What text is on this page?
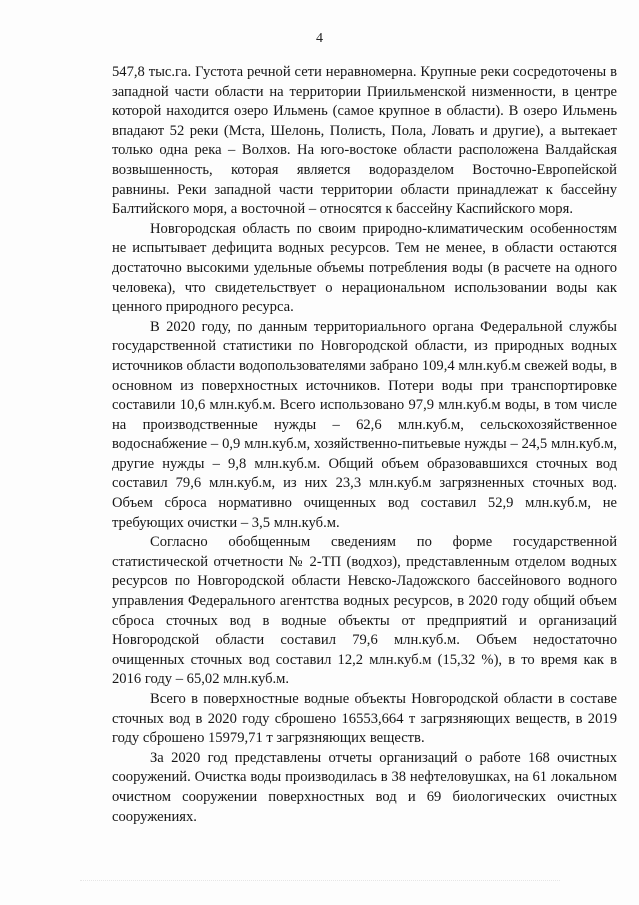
4

547,8 тыс.га. Густота речной сети неравномерна. Крупные реки сосредоточены в западной части области на территории Приильменской низменности, в центре которой находится озеро Ильмень (самое крупное в области). В озеро Ильмень впадают 52 реки (Мста, Шелонь, Полисть, Пола, Ловать и другие), а вытекает только одна река – Волхов. На юго-востоке области расположена Валдайская возвышенность, которая является водоразделом Восточно-Европейской равнины. Реки западной части территории области принадлежат к бассейну Балтийского моря, а восточной – относятся к бассейну Каспийского моря.

Новгородская область по своим природно-климатическим особенностям не испытывает дефицита водных ресурсов. Тем не менее, в области остаются достаточно высокими удельные объемы потребления воды (в расчете на одного человека), что свидетельствует о нерациональном использовании воды как ценного природного ресурса.

В 2020 году, по данным территориального органа Федеральной службы государственной статистики по Новгородской области, из природных водных источников области водопользователями забрано 109,4 млн.куб.м свежей воды, в основном из поверхностных источников. Потери воды при транспортировке составили 10,6 млн.куб.м. Всего использовано 97,9 млн.куб.м воды, в том числе на производственные нужды – 62,6 млн.куб.м, сельскохозяйственное водоснабжение – 0,9 млн.куб.м, хозяйственно-питьевые нужды – 24,5 млн.куб.м, другие нужды – 9,8 млн.куб.м. Общий объем образовавшихся сточных вод составил 79,6 млн.куб.м, из них 23,3 млн.куб.м загрязненных сточных вод. Объем сброса нормативно очищенных вод составил 52,9 млн.куб.м, не требующих очистки – 3,5 млн.куб.м.

Согласно обобщенным сведениям по форме государственной статистической отчетности № 2-ТП (водхоз), представленным отделом водных ресурсов по Новгородской области Невско-Ладожского бассейнового водного управления Федерального агентства водных ресурсов, в 2020 году общий объем сброса сточных вод в водные объекты от предприятий и организаций Новгородской области составил 79,6 млн.куб.м. Объем недостаточно очищенных сточных вод составил 12,2 млн.куб.м (15,32 %), в то время как в 2016 году – 65,02 млн.куб.м.

Всего в поверхностные водные объекты Новгородской области в составе сточных вод в 2020 году сброшено 16553,664 т загрязняющих веществ, в 2019 году сброшено 15979,71 т загрязняющих веществ.

За 2020 год представлены отчеты организаций о работе 168 очистных сооружений. Очистка воды производилась в 38 нефтеловушках, на 61 локальном очистном сооружении поверхностных вод и 69 биологических очистных сооружениях.
